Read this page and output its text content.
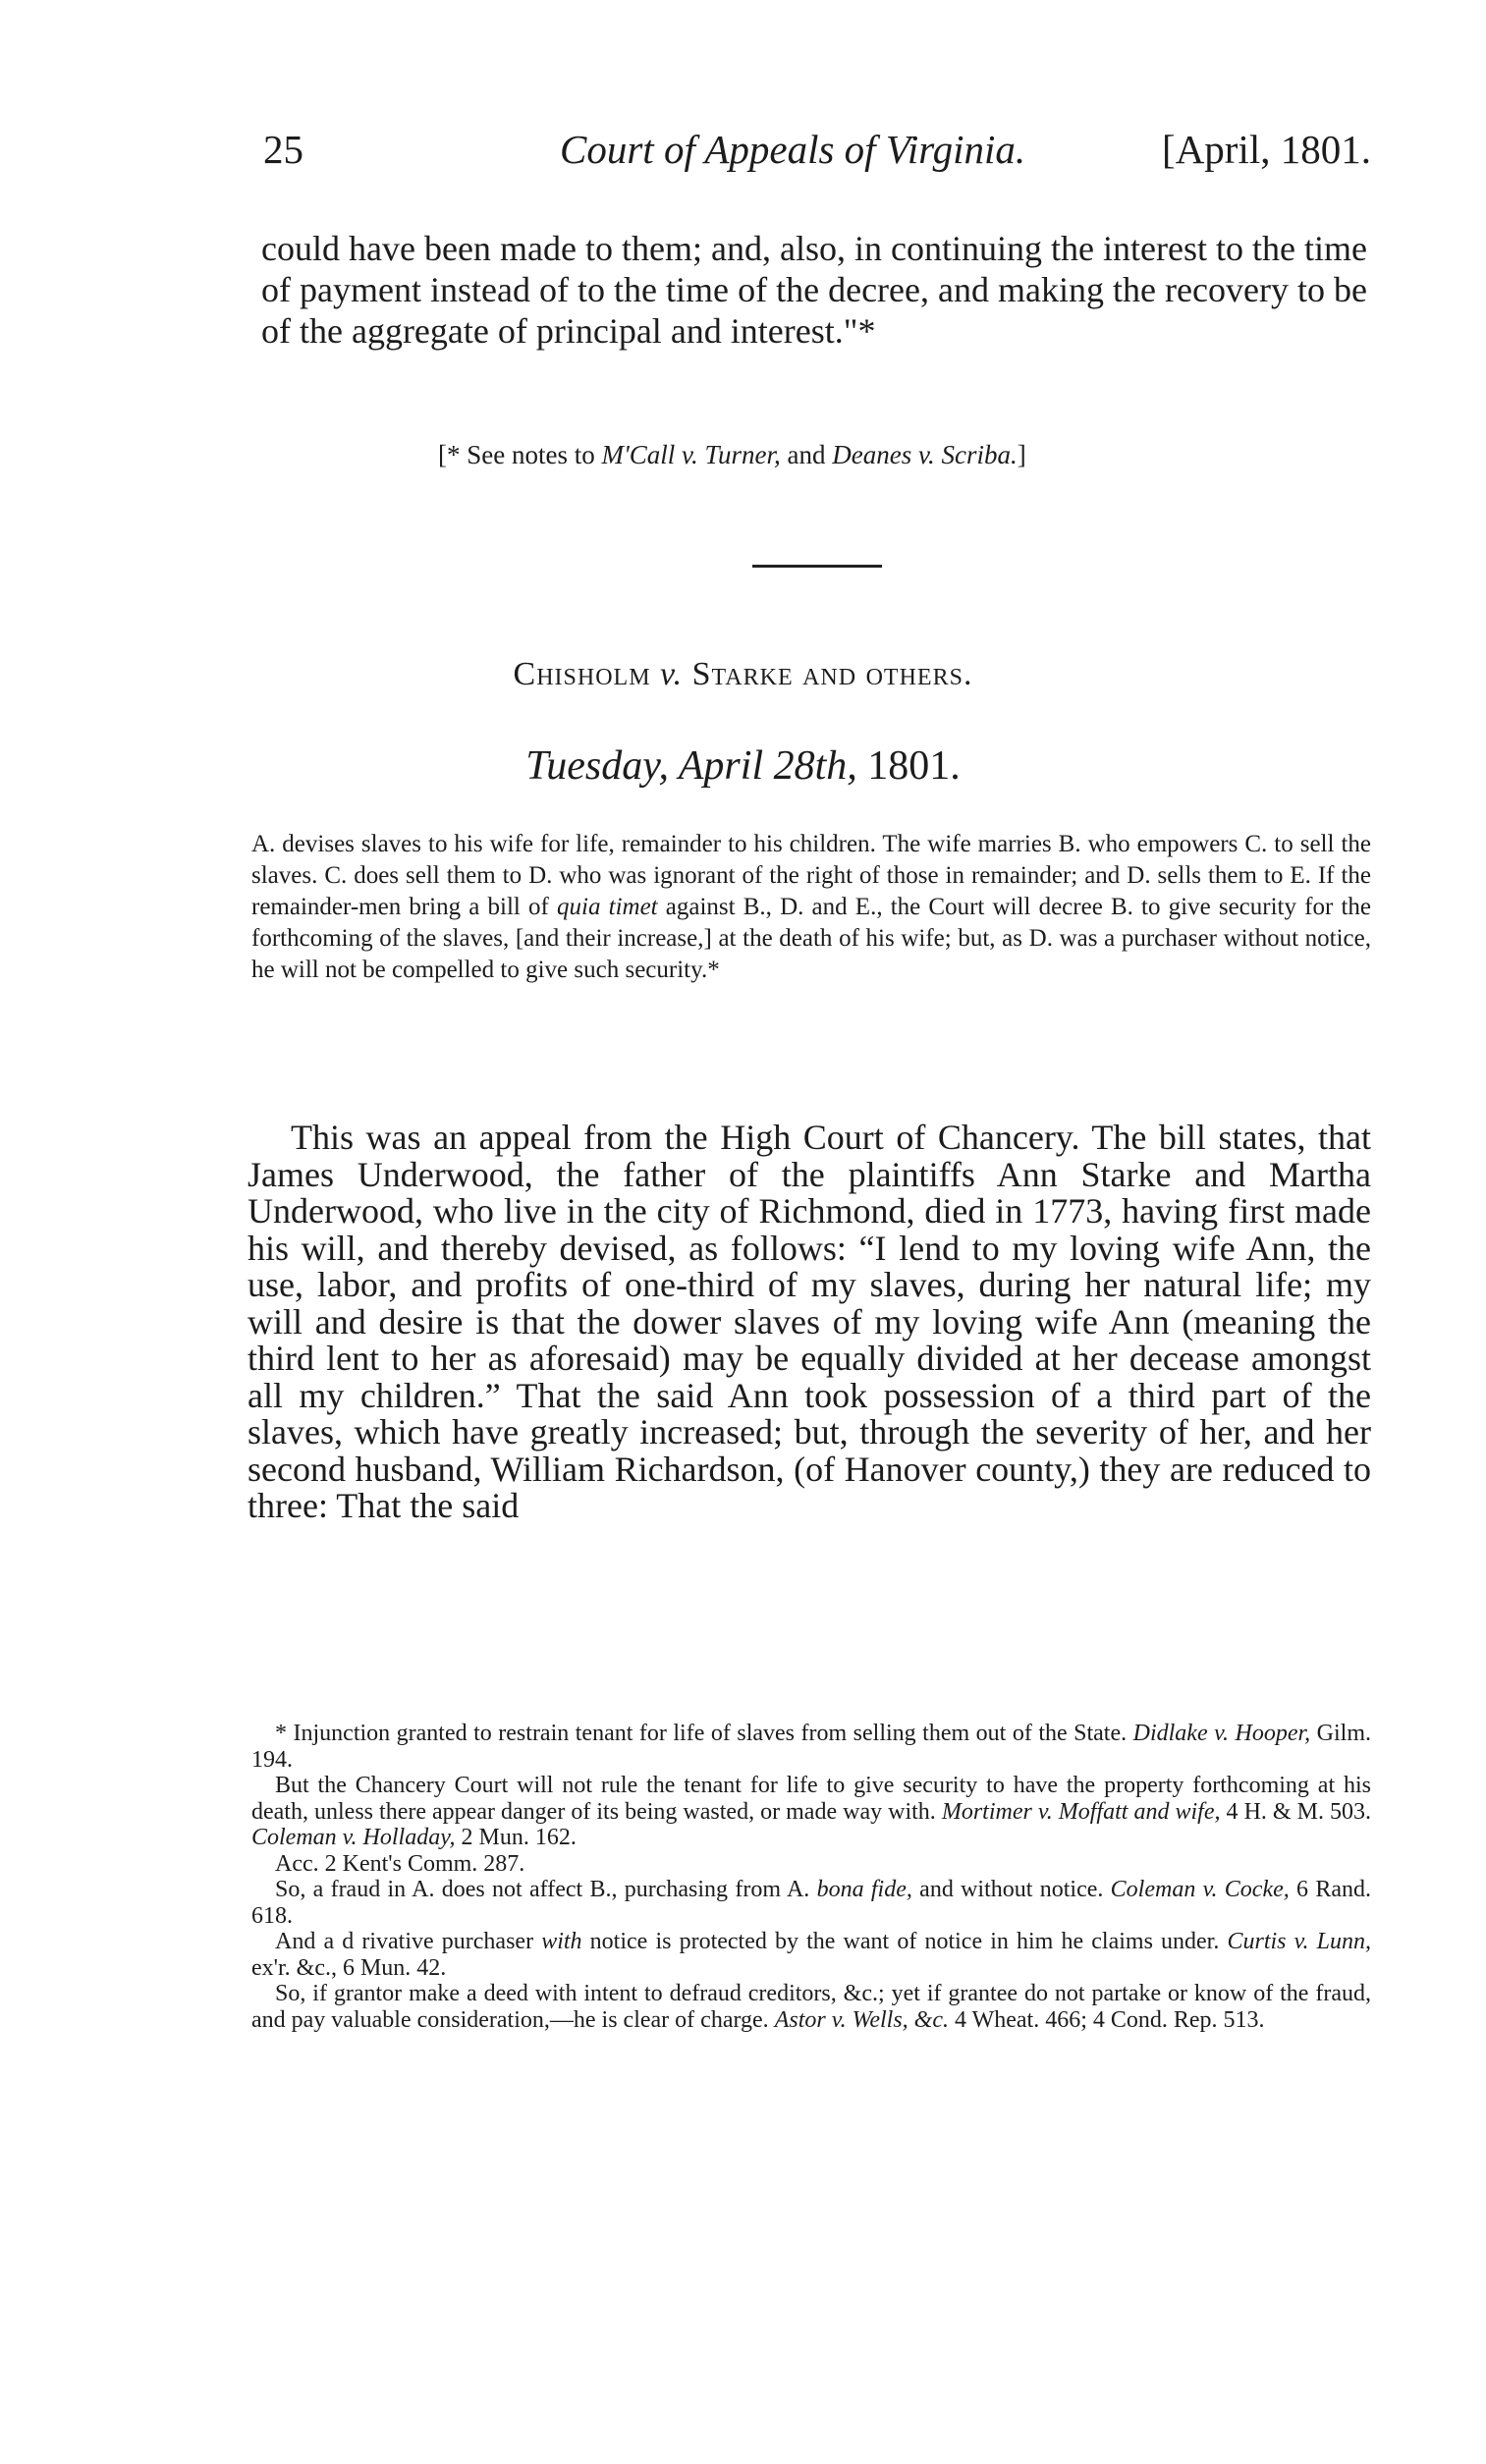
25	Court of Appeals of Virginia.	[April, 1801.

could have been made to them; and, also, in continuing the interest to the time of payment instead of to the time of the decree, and making the recovery to be of the aggregate of principal and interest."*

[* See notes to M'Call v. Turner, and Deanes v. Scriba.]

Chisholm v. Starke and others.

Tuesday, April 28th, 1801.

A. devises slaves to his wife for life, remainder to his children. The wife marries B. who empowers C. to sell the slaves. C. does sell them to D. who was ignorant of the right of those in remainder; and D. sells them to E. If the remainder-men bring a bill of quia timet against B., D. and E., the Court will decree B. to give security for the forthcoming of the slaves, [and their increase,] at the death of his wife; but, as D. was a purchaser without notice, he will not be compelled to give such security.*

This was an appeal from the High Court of Chancery. The bill states, that James Underwood, the father of the plaintiffs Ann Starke and Martha Underwood, who live in the city of Richmond, died in 1773, having first made his will, and thereby devised, as follows: “I lend to my loving wife Ann, the use, labor, and profits of one-third of my slaves, during her natural life; my will and desire is that the dower slaves of my loving wife Ann (meaning the third lent to her as aforesaid) may be equally divided at her decease amongst all my children.” That the said Ann took possession of a third part of the slaves, which have greatly increased; but, through the severity of her, and her second husband, William Richardson, (of Hanover county,) they are reduced to three: That the said

* Injunction granted to restrain tenant for life of slaves from selling them out of the State. Didlake v. Hooper, Gilm. 194.

But the Chancery Court will not rule the tenant for life to give security to have the property forthcoming at his death, unless there appear danger of its being wasted, or made way with. Mortimer v. Moffatt and wife, 4 H. & M. 503. Coleman v. Holladay, 2 Mun. 162.

Acc. 2 Kent's Comm. 287.

So, a fraud in A. does not affect B., purchasing from A. bona fide, and without notice. Coleman v. Cocke, 6 Rand. 618.

And a d rivative purchaser with notice is protected by the want of notice in him he claims under. Curtis v. Lunn, ex'r. &c., 6 Mun. 42.

So, if grantor make a deed with intent to defraud creditors, &c.; yet if grantee do not partake or know of the fraud, and pay valuable consideration,—he is clear of charge. Astor v. Wells, &c. 4 Wheat. 466; 4 Cond. Rep. 513.
